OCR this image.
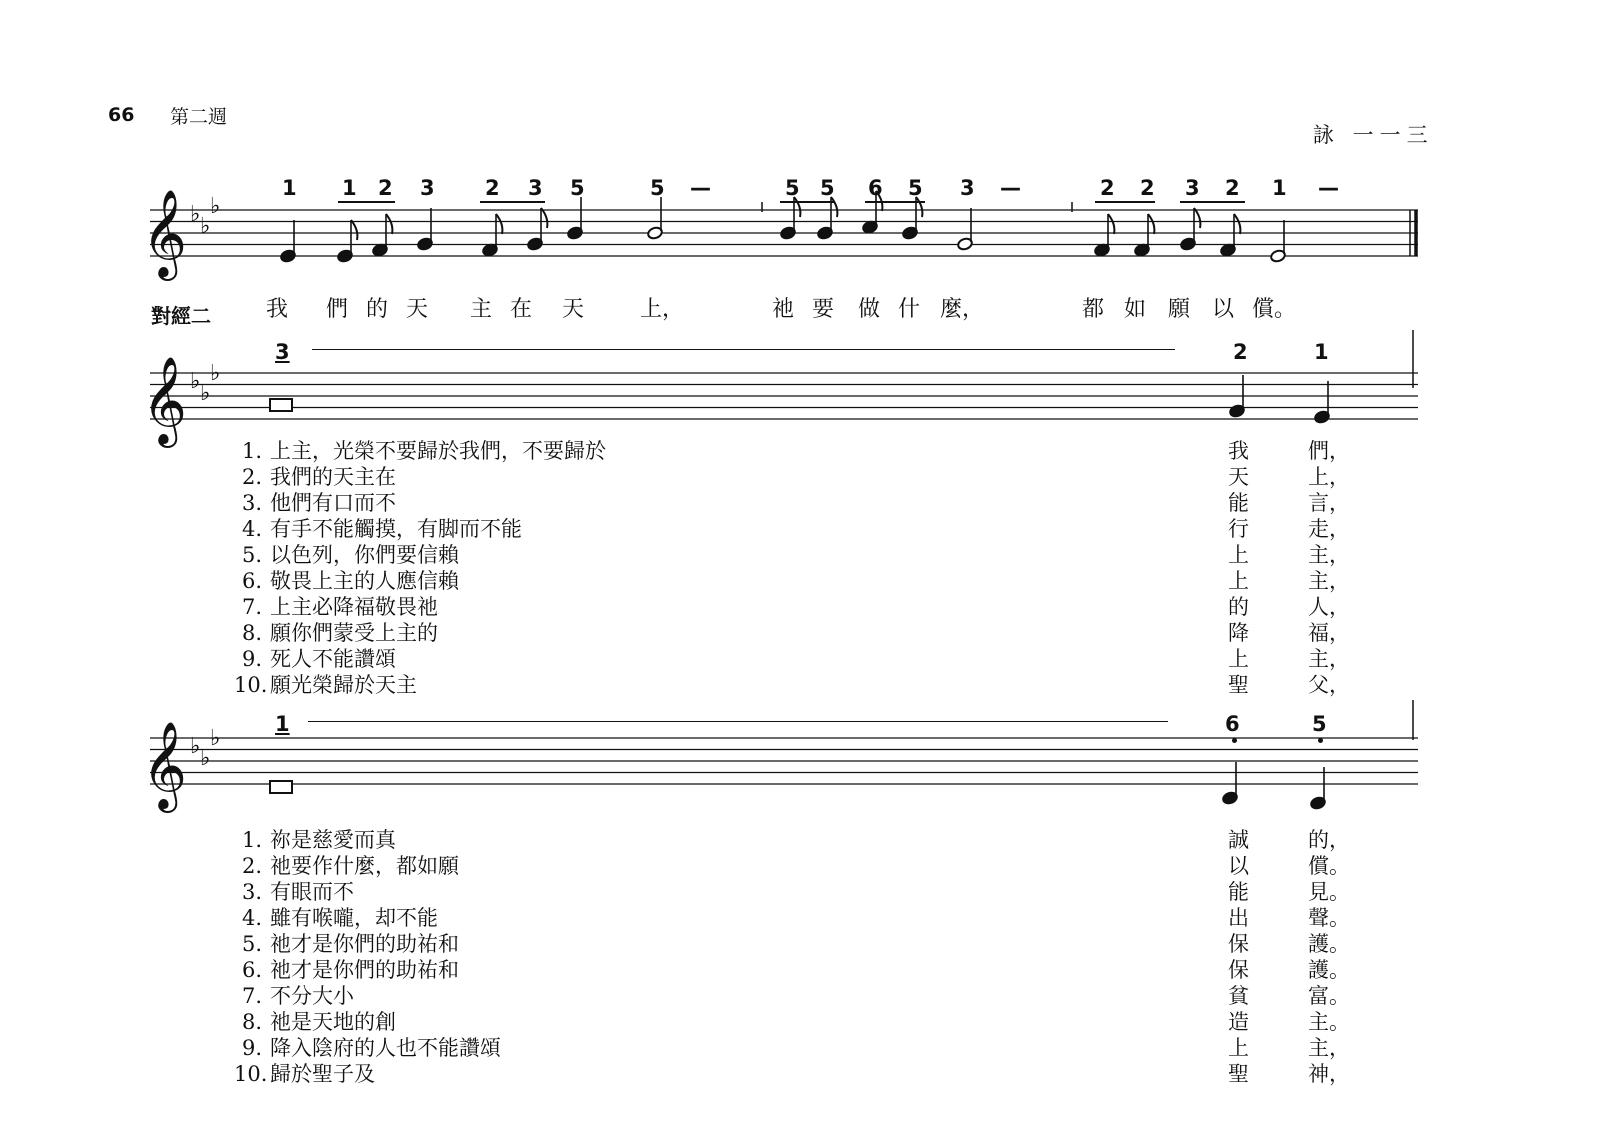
66 第二週
詠 一一三
♭ ♭
♭
♭ ♭
♭
♭ ♭
♭
𝄞
𝄞
𝄞
對經二
1 1 2 3 2 3 5	5 —	5 5 6 5 3 —	2 2 3 2 1 —
我 們 的 天 主 在 天	上，	祂 要 做 什 麼，	都 如 願 以 償。
3	2	1
1	6	5
1. 上主，光榮不要歸於我們，不要歸於	我	們，
2. 我們的天主在	天	上，
3. 他們有口而不	能	言，
4. 有手不能觸摸，有脚而不能	行	走，
5. 以色列，你們要信賴	上	主，
6. 敬畏上主的人應信賴	上	主，
7. 上主必降福敬畏祂	的	人，
8. 願你們蒙受上主的	降	福，
9. 死人不能讚頌	上	主，
10. 願光榮歸於天主	聖	父，
1. 祢是慈愛而真	誠	的，
2. 祂要作什麼，都如願	以	償。
3. 有眼而不	能	見。
4. 雖有喉嚨，却不能	出	聲。
5. 祂才是你們的助祐和	保	護。
6. 祂才是你們的助祐和	保	護。
7. 不分大小	貧	富。
8. 祂是天地的創	造	主。
9. 降入陰府的人也不能讚頌	上	主，
10. 歸於聖子及	聖	神，
